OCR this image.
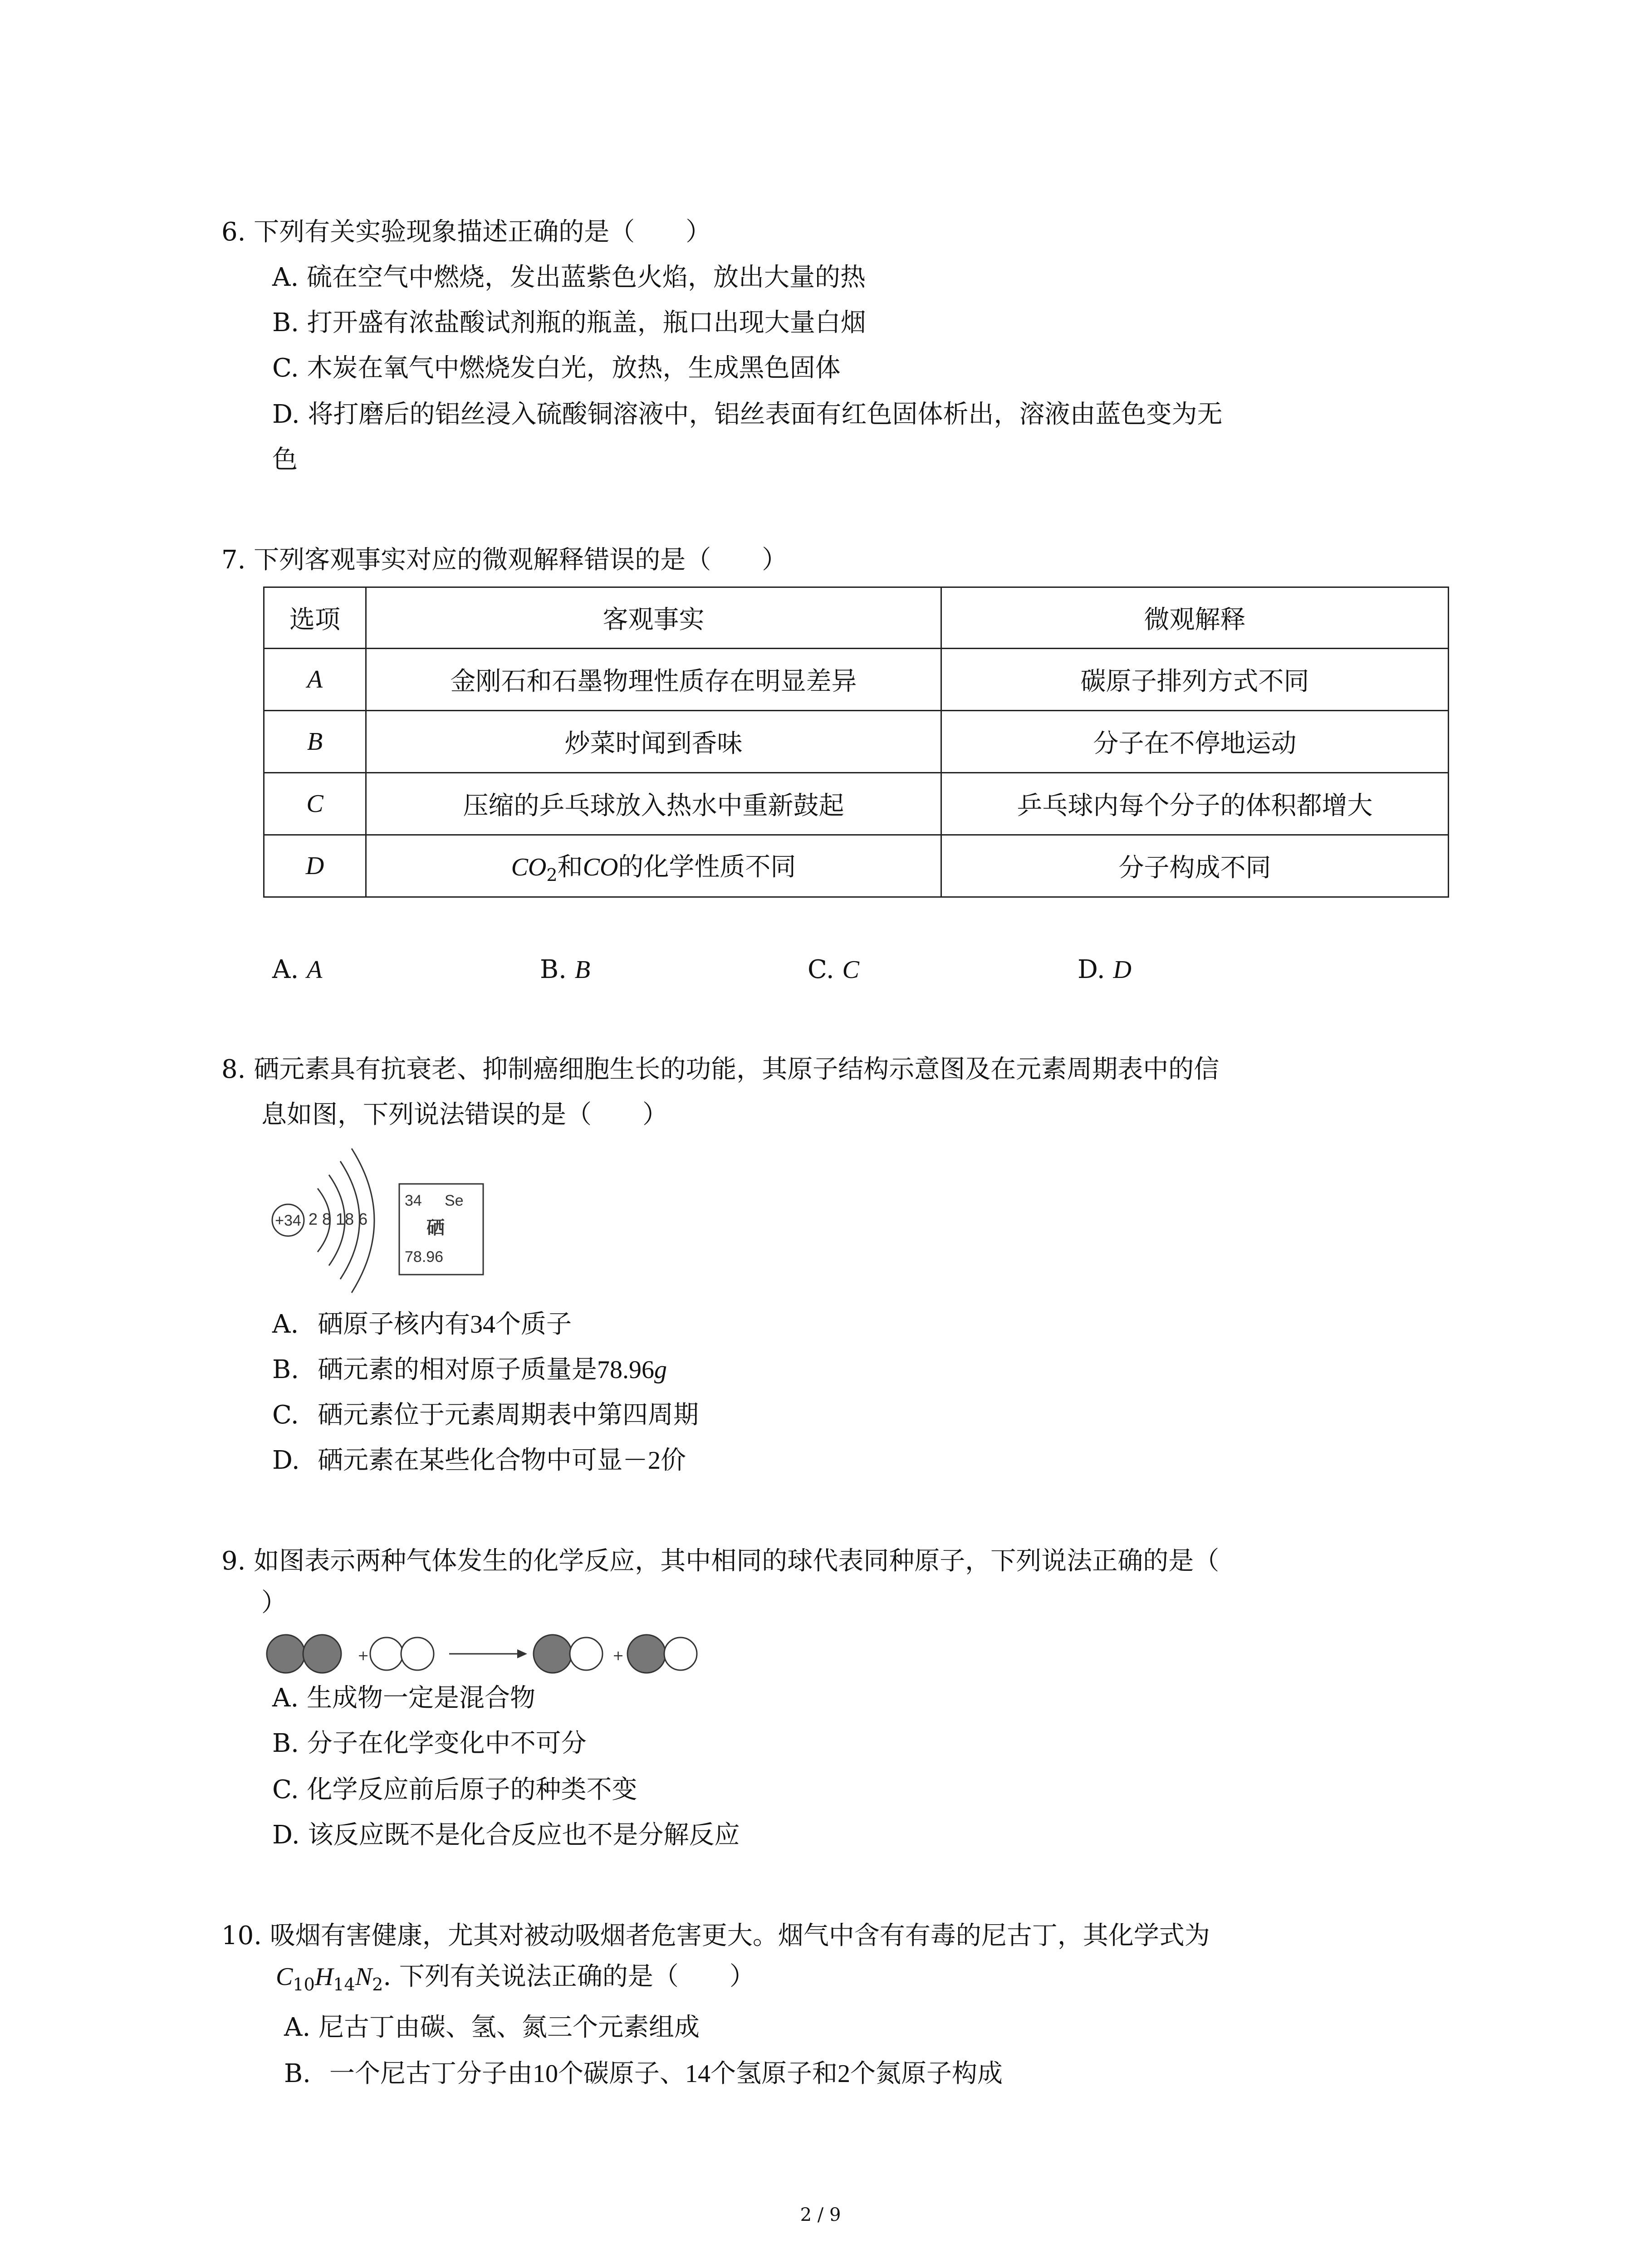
6. 下列有关实验现象描述正确的是（　　）
A. 硫在空气中燃烧，发出蓝紫色火焰，放出大量的热
B. 打开盛有浓盐酸试剂瓶的瓶盖，瓶口出现大量白烟
C. 木炭在氧气中燃烧发白光，放热，生成黑色固体
D. 将打磨后的铝丝浸入硫酸铜溶液中，铝丝表面有红色固体析出，溶液由蓝色变为无
色
7. 下列客观事实对应的微观解释错误的是（　　）
选项	客观事实	微观解释
A	金刚石和石墨物理性质存在明显差异	碳原子排列方式不同
B	炒菜时闻到香味	分子在不停地运动
C	压缩的乒乓球放入热水中重新鼓起	乒乓球内每个分子的体积都增大
D	$CO_2$和CO的化学性质不同	分子构成不同
A. A	B. B	C. C	D. D
8. 硒元素具有抗衰老、抑制癌细胞生长的功能，其原子结构示意图及在元素周期表中的信
息如图，下列说法错误的是（　　）
+34 2 8 18 6
34 Se
硒
78.96
A. 硒原子核内有34个质子
B. 硒元素的相对原子质量是78.96g
C. 硒元素位于元素周期表中第四周期
D. 硒元素在某些化合物中可显－2价
9. 如图表示两种气体发生的化学反应，其中相同的球代表同种原子，下列说法正确的是（
）
+	+
A. 生成物一定是混合物
B. 分子在化学变化中不可分
C. 化学反应前后原子的种类不变
D. 该反应既不是化合反应也不是分解反应
10. 吸烟有害健康，尤其对被动吸烟者危害更大。烟气中含有有毒的尼古丁，其化学式为
$C_{10}H_{14}N_2$. 下列有关说法正确的是（　　）
A. 尼古丁由碳、氢、氮三个元素组成
B. 一个尼古丁分子由10个碳原子、14个氢原子和2个氮原子构成
2 / 9
